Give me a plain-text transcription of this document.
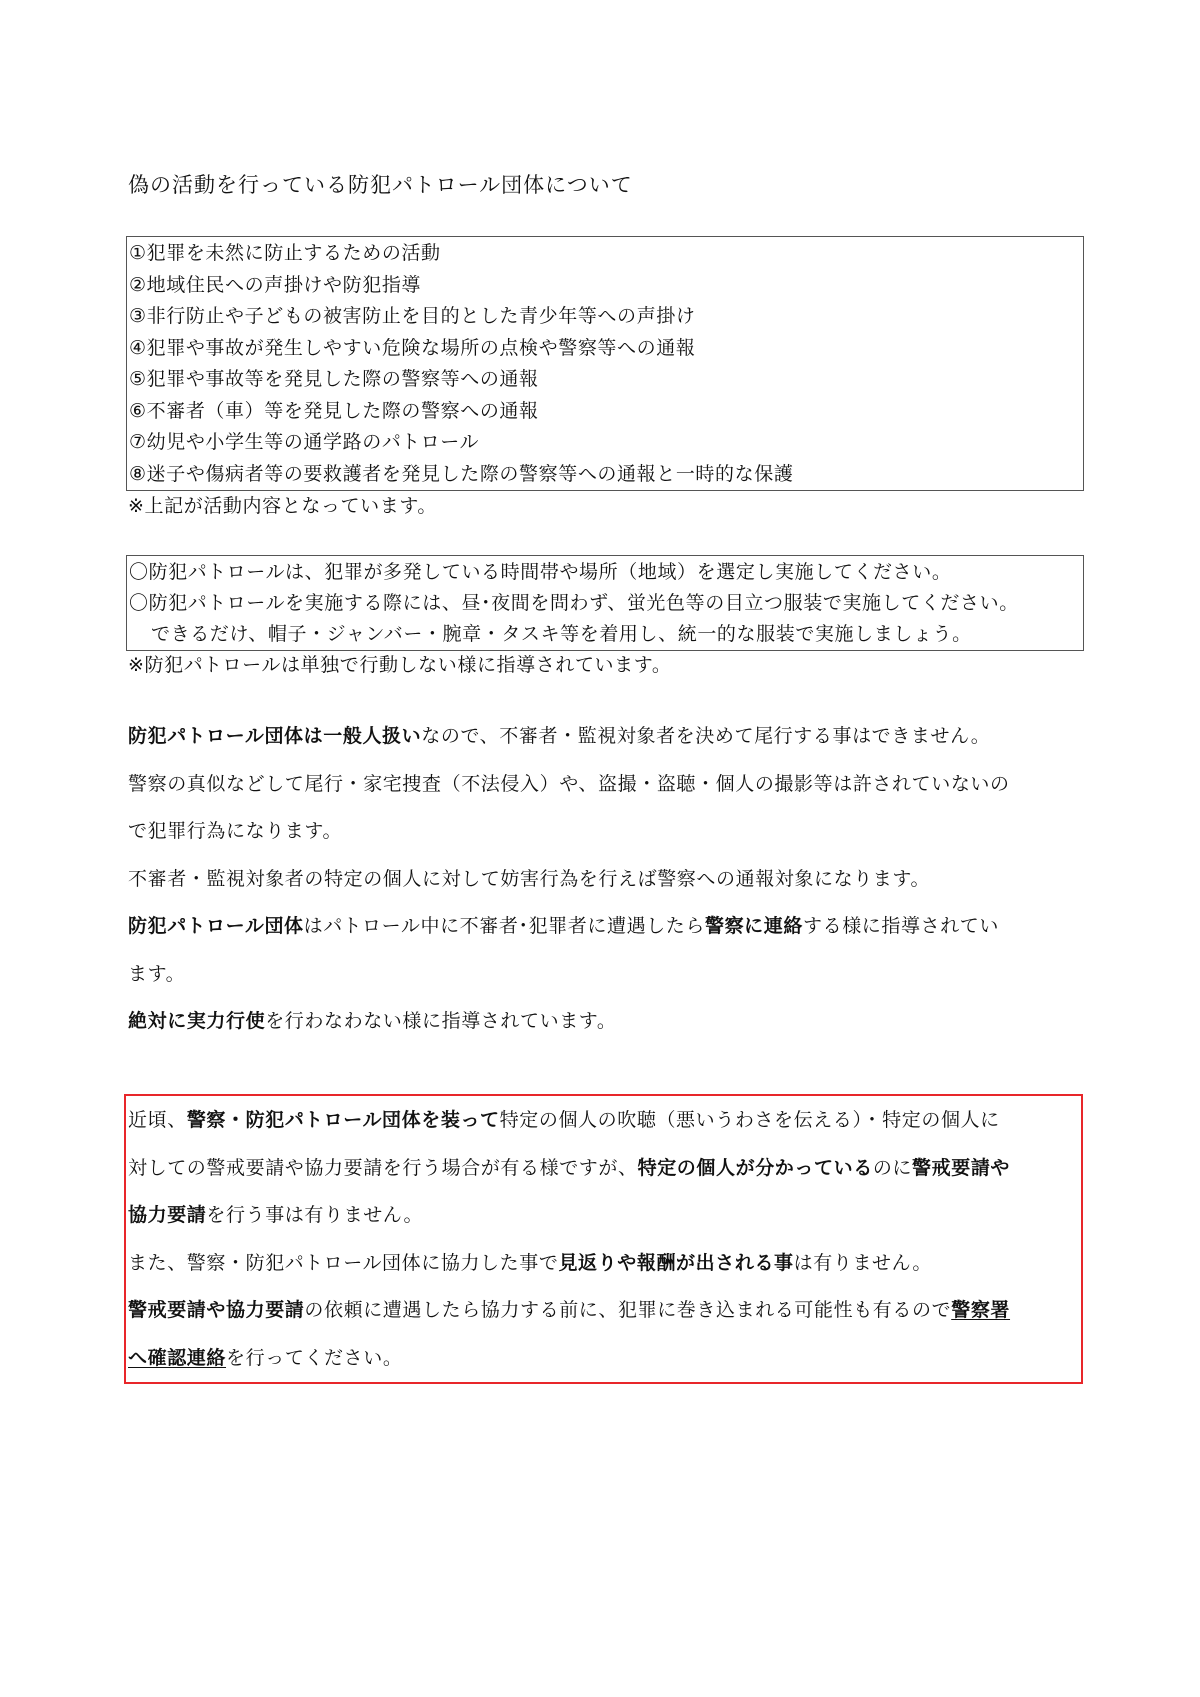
偽の活動を行っている防犯パトロール団体について
①犯罪を未然に防止するための活動
②地域住民への声掛けや防犯指導
③非行防止や子どもの被害防止を目的とした青少年等への声掛け
④犯罪や事故が発生しやすい危険な場所の点検や警察等への通報
⑤犯罪や事故等を発見した際の警察等への通報
⑥不審者（車）等を発見した際の警察への通報
⑦幼児や小学生等の通学路のパトロール
⑧迷子や傷病者等の要救護者を発見した際の警察等への通報と一時的な保護
※上記が活動内容となっています。
〇防犯パトロールは、犯罪が多発している時間帯や場所（地域）を選定し実施してください。
〇防犯パトロールを実施する際には、昼･夜間を問わず、蛍光色等の目立つ服装で実施してください。
できるだけ、帽子・ジャンバー・腕章・タスキ等を着用し、統一的な服装で実施しましょう。
※防犯パトロールは単独で行動しない様に指導されています。
防犯パトロール団体は一般人扱いなので、不審者・監視対象者を決めて尾行する事はできません。
警察の真似などして尾行・家宅捜査（不法侵入）や、盗撮・盗聴・個人の撮影等は許されていないの
で犯罪行為になります。
不審者・監視対象者の特定の個人に対して妨害行為を行えば警察への通報対象になります。
防犯パトロール団体はパトロール中に不審者･犯罪者に遭遇したら警察に連絡する様に指導されてい
ます。
絶対に実力行使を行わなわない様に指導されています。
近頃、警察・防犯パトロール団体を装って特定の個人の吹聴（悪いうわさを伝える）・特定の個人に
対しての警戒要請や協力要請を行う場合が有る様ですが、特定の個人が分かっているのに警戒要請や
協力要請を行う事は有りません。
また、警察・防犯パトロール団体に協力した事で見返りや報酬が出される事は有りません。
警戒要請や協力要請の依頼に遭遇したら協力する前に、犯罪に巻き込まれる可能性も有るので警察署
へ確認連絡を行ってください。
